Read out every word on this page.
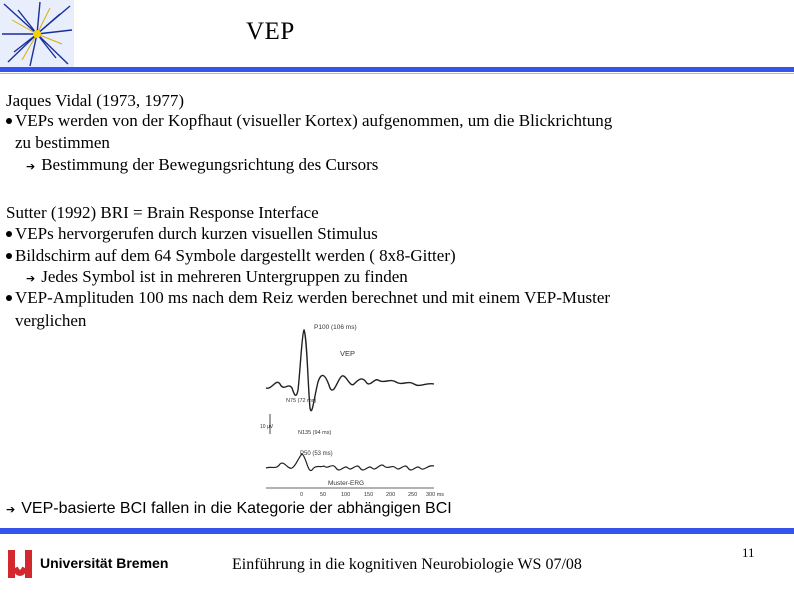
VEP
Jaques Vidal (1973, 1977)
VEPs werden von der Kopfhaut (visueller Kortex) aufgenommen, um die Blickrichtung
zu bestimmen
➔ Bestimmung der Bewegungsrichtung des Cursors
Sutter (1992) BRI = Brain Response Interface
VEPs hervorgerufen durch kurzen visuellen Stimulus
Bildschirm auf dem 64 Symbole dargestellt werden ( 8x8-Gitter)
➔ Jedes Symbol ist in mehreren Untergruppen zu finden
VEP-Amplituden 100 ms nach dem Reiz werden berechnet und mit einem VEP-Muster
verglichen	P100 (106 ms)
VEP
N75 (72 ms)
N135 (94 ms)
10 µV
P50 (53 ms)
Muster-ERG
0	50	100	150 200 250 300 ms
➔ VEP-basierte BCI fallen in die Kategorie der abhängigen BCI
Universität Bremen	Einführung in die kognitiven Neurobiologie WS 07/08
11
